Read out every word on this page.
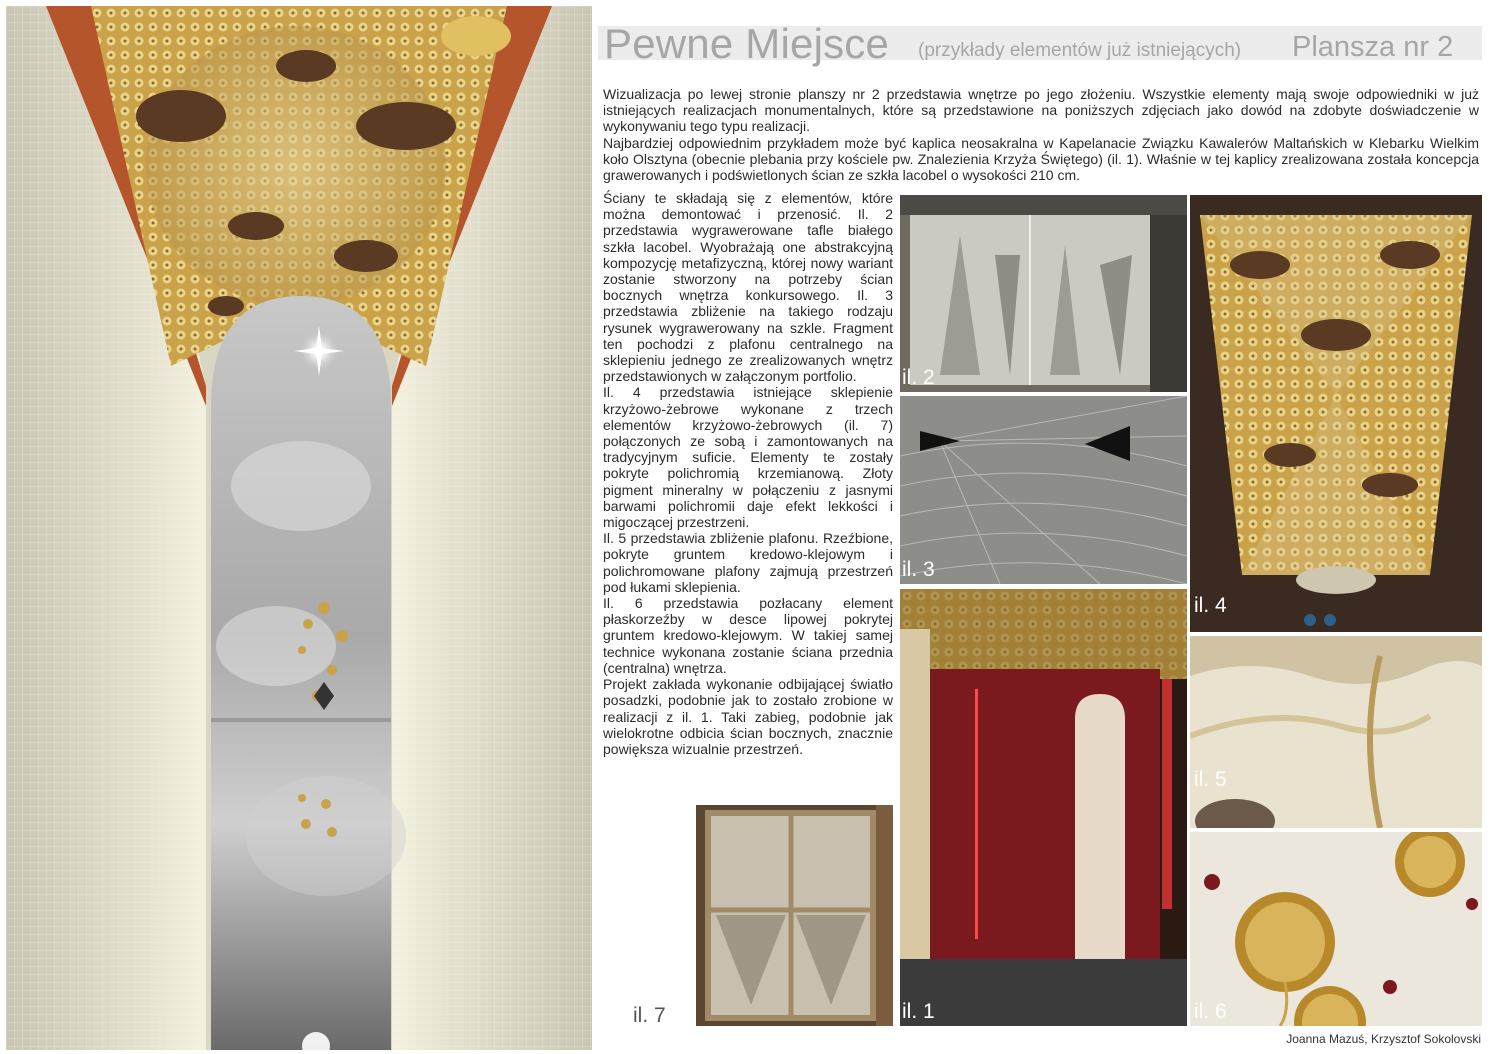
Pewne Miejsce (przykłady elementów już istniejących) Plansza nr 2

Wizualizacja po lewej stronie planszy nr 2 przedstawia wnętrze po jego złożeniu. Wszystkie elementy mają swoje odpowiedniki w już istniejących realizacjach monumentalnych, które są przedstawione na poniższych zdjęciach jako dowód na zdobyte doświadczenie w wykonywaniu tego typu realizacji.

Najbardziej odpowiednim przykładem może być kaplica neosakralna w Kapelanacie Związku Kawalerów Maltańskich w Klebarku Wielkim koło Olsztyna (obecnie plebania przy kościele pw. Znalezienia Krzyża Świętego) (il. 1). Właśnie w tej kaplicy zrealizowana została koncepcja grawerowanych i podświetlonych ścian ze szkła lacobel o wysokości 210 cm.

Ściany te składają się z elementów, które można demontować i przenosić. Il. 2 przedstawia wygrawerowane tafle białego szkła lacobel. Wyobrażają one abstrakcyjną kompozycję metafizyczną, której nowy wariant zostanie stworzony na potrzeby ścian bocznych wnętrza konkursowego. Il. 3 przedstawia zbliżenie na takiego rodzaju rysunek wygrawerowany na szkle. Fragment ten pochodzi z plafonu centralnego na sklepieniu jednego ze zrealizowanych wnętrz przedstawionych w załączonym portfolio.

Il. 4 przedstawia istniejące sklepienie krzyżowo-żebrowe wykonane z trzech elementów krzyżowo-żebrowych (il. 7) połączonych ze sobą i zamontowanych na tradycyjnym suficie. Elementy te zostały pokryte polichromią krzemianową. Złoty pigment mineralny w połączeniu z jasnymi barwami polichromii daje efekt lekkości i migoczącej przestrzeni.

Il. 5 przedstawia zbliżenie plafonu. Rzeźbione, pokryte gruntem kredowo-klejowym i polichromowane plafony zajmują przestrzeń pod łukami sklepienia.

Il. 6 przedstawia pozłacany element płaskorzeźby w desce lipowej pokrytej gruntem kredowo-klejowym. W takiej samej technice wykonana zostanie ściana przednia (centralna) wnętrza.

Projekt zakłada wykonanie odbijającej światło posadzki, podobnie jak to zostało zrobione w realizacji z il. 1. Taki zabieg, podobnie jak wielokrotne odbicia ścian bocznych, znacznie powiększa wizualnie przestrzeń.

il. 2
il. 3
il. 1
il. 4
il. 5
il. 6
il. 7
Joanna Mazuś, Krzysztof Sokolovski
